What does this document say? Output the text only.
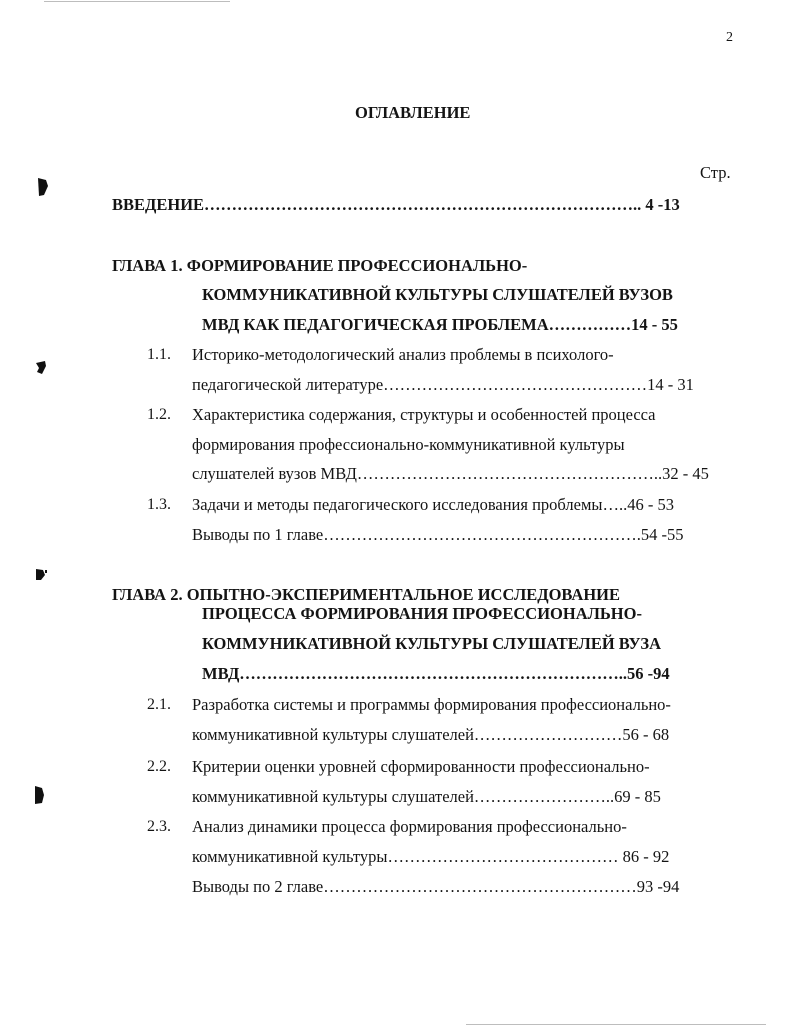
2
ОГЛАВЛЕНИЕ
Стр.
ВВЕДЕНИЕ…………………………………………………………………….. 4 -13
ГЛАВА 1. ФОРМИРОВАНИЕ ПРОФЕССИОНАЛЬНО-
КОММУНИКАТИВНОЙ КУЛЬТУРЫ СЛУШАТЕЛЕЙ ВУЗОВ
МВД КАК ПЕДАГОГИЧЕСКАЯ ПРОБЛЕМА……………14 - 55
1.1. Историко-методологический анализ проблемы в психолого-
педагогической литературе…………………………………………14 - 31
1.2. Характеристика содержания, структуры и особенностей процесса
формирования профессионально-коммуникативной культуры
слушателей вузов МВД………………………………………………..32 - 45
1.3. Задачи и методы педагогического исследования проблемы…..46 - 53
Выводы по 1 главе………………………………………………….54 -55
ГЛАВА 2. ОПЫТНО-ЭКСПЕРИМЕНТАЛЬНОЕ ИССЛЕДОВАНИЕ
ПРОЦЕССА ФОРМИРОВАНИЯ ПРОФЕССИОНАЛЬНО-
КОММУНИКАТИВНОЙ КУЛЬТУРЫ СЛУШАТЕЛЕЙ ВУЗА
МВД……………………………………………………………..56 -94
2.1. Разработка системы и программы формирования профессионально-
коммуникативной культуры слушателей………………………56 - 68
2.2. Критерии оценки уровней сформированности профессионально-
коммуникативной культуры слушателей……………………..69 - 85
2.3. Анализ динамики процесса формирования профессионально-
коммуникативной культуры…………………………………… 86 - 92
Выводы по 2 главе…………………………………………………93 -94
